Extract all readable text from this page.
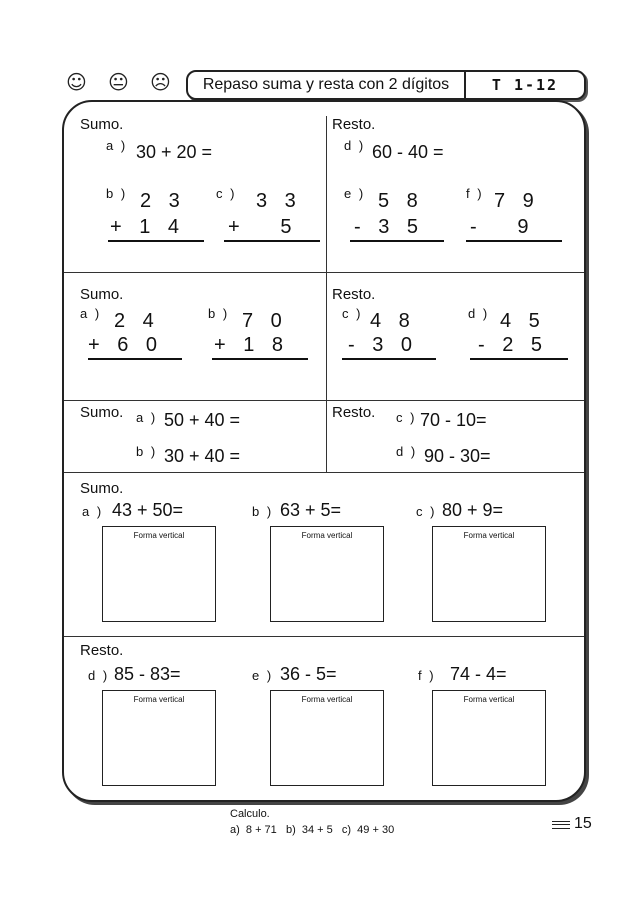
☺ 😐 ☹	Repaso suma y resta con 2 dígitos	T 1-12
Sumo.	Resto.
a ) 30 + 20 =
b ) 2 3
+ 1 4
c ) 3 3
+   5
d ) 60 - 40 =
e ) 5 8
- 3 5
f ) 7 9
-   9
Sumo.	Resto.
a ) 2 4
+ 6 0
b ) 7 0
+ 1 8
c ) 4 8
- 3 0
d ) 4 5
- 2 5
Sumo.	Resto.
a ) 50 + 40 =
b ) 30 + 40 =
c ) 70 - 10=
d ) 90 - 30=
Sumo.
a ) 43 + 50=
Forma vertical
b ) 63 + 5=
Forma vertical
c ) 80 + 9=
Forma vertical
Resto.
d ) 85 - 83=
Forma vertical
e ) 36 - 5=
Forma vertical
f ) 74 - 4=
Forma vertical
Calculo.
a)  8 + 71   b)  34 + 5   c)  49 + 30	15
